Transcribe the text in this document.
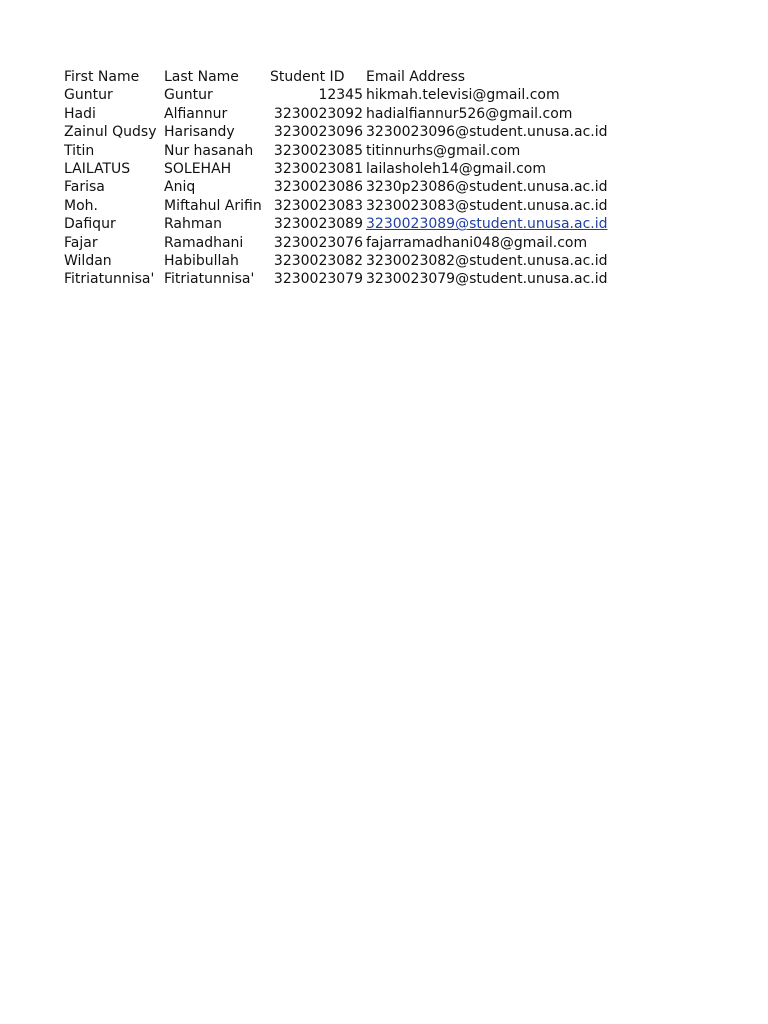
First Name	Last Name	Student ID	Email Address
Guntur	Guntur	12345	hikmah.televisi@gmail.com
Hadi	Alfiannur	3230023092	hadialfiannur526@gmail.com
Zainul Qudsy	Harisandy	3230023096	3230023096@student.unusa.ac.id
Titin	Nur hasanah	3230023085	titinnurhs@gmail.com
LAILATUS	SOLEHAH	3230023081	lailasholeh14@gmail.com
Farisa	Aniq	3230023086	3230p23086@student.unusa.ac.id
Moh.	Miftahul Arifin	3230023083	3230023083@student.unusa.ac.id
Dafiqur	Rahman	3230023089	3230023089@student.unusa.ac.id
Fajar	Ramadhani	3230023076	fajarramadhani048@gmail.com
Wildan	Habibullah	3230023082	3230023082@student.unusa.ac.id
Fitriatunnisa'	Fitriatunnisa'	3230023079	3230023079@student.unusa.ac.id
